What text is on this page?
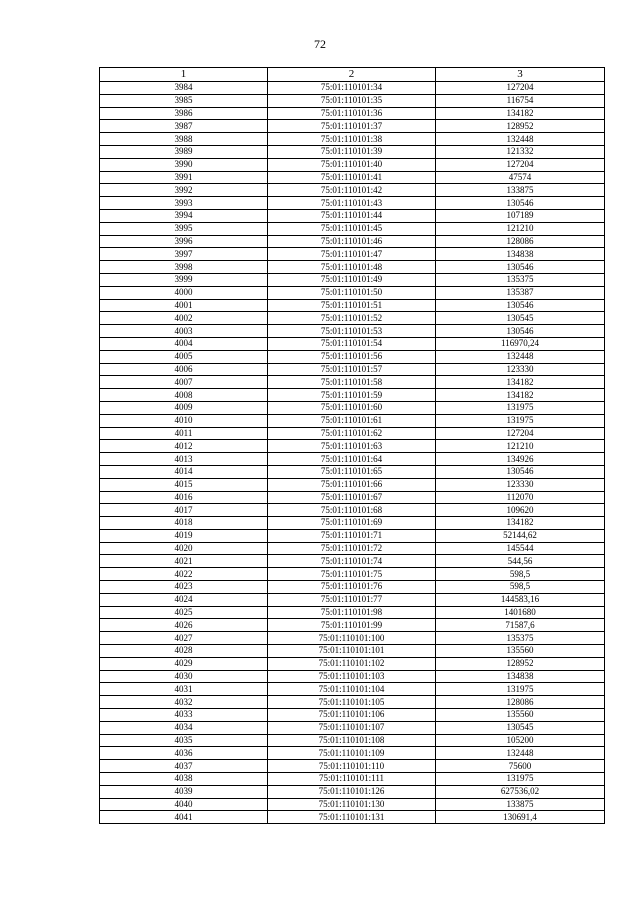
72
1	2	3
3984	75:01:110101:34	127204
3985	75:01:110101:35	116754
3986	75:01:110101:36	134182
3987	75:01:110101:37	128952
3988	75:01:110101:38	132448
3989	75:01:110101:39	121332
3990	75:01:110101:40	127204
3991	75:01:110101:41	47574
3992	75:01:110101:42	133875
3993	75:01:110101:43	130546
3994	75:01:110101:44	107189
3995	75:01:110101:45	121210
3996	75:01:110101:46	128086
3997	75:01:110101:47	134838
3998	75:01:110101:48	130546
3999	75:01:110101:49	135375
4000	75:01:110101:50	135387
4001	75:01:110101:51	130546
4002	75:01:110101:52	130545
4003	75:01:110101:53	130546
4004	75:01:110101:54	116970,24
4005	75:01:110101:56	132448
4006	75:01:110101:57	123330
4007	75:01:110101:58	134182
4008	75:01:110101:59	134182
4009	75:01:110101:60	131975
4010	75:01:110101:61	131975
4011	75:01:110101:62	127204
4012	75:01:110101:63	121210
4013	75:01:110101:64	134926
4014	75:01:110101:65	130546
4015	75:01:110101:66	123330
4016	75:01:110101:67	112070
4017	75:01:110101:68	109620
4018	75:01:110101:69	134182
4019	75:01:110101:71	52144,62
4020	75:01:110101:72	145544
4021	75:01:110101:74	544,56
4022	75:01:110101:75	598,5
4023	75:01:110101:76	598,5
4024	75:01:110101:77	144583,16
4025	75:01:110101:98	1401680
4026	75:01:110101:99	71587,6
4027	75:01:110101:100	135375
4028	75:01:110101:101	135560
4029	75:01:110101:102	128952
4030	75:01:110101:103	134838
4031	75:01:110101:104	131975
4032	75:01:110101:105	128086
4033	75:01:110101:106	135560
4034	75:01:110101:107	130545
4035	75:01:110101:108	105200
4036	75:01:110101:109	132448
4037	75:01:110101:110	75600
4038	75:01:110101:111	131975
4039	75:01:110101:126	627536,02
4040	75:01:110101:130	133875
4041	75:01:110101:131	130691,4
